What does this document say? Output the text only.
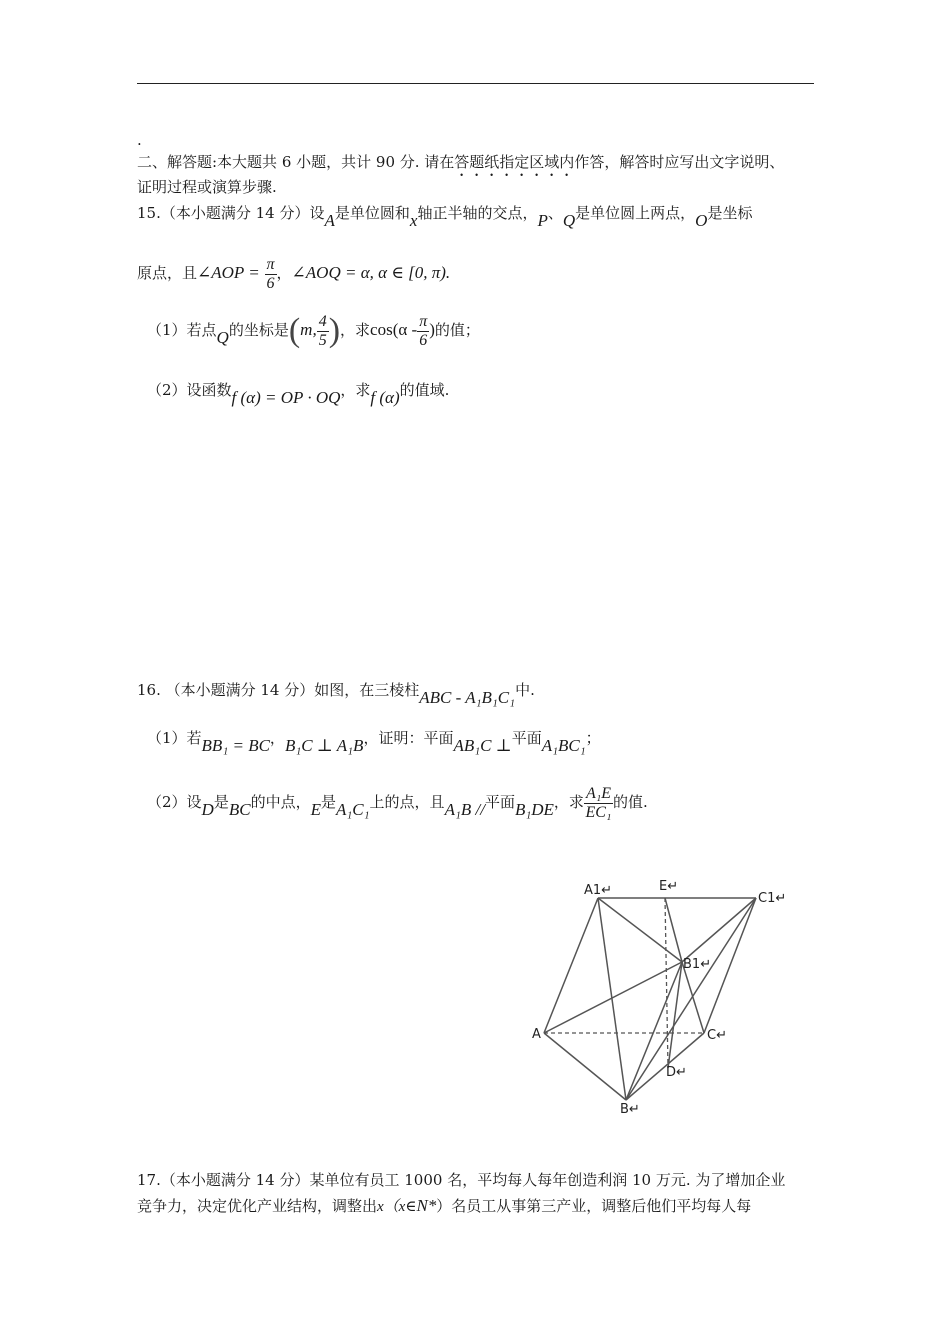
.
二、解答题:本大题共 6 小题，共计 90 分. 请在答题纸指定区域内作答，解答时应写出文字说明、
证明过程或演算步骤.
15.（本小题满分 14 分）设A是单位圆和x轴正半轴的交点，P、Q是单位圆上两点，O是坐标
原点，且∠AOP = $\frac{\pi}{6}$ ，∠AOQ = α, α ∈ [0, π).
（1）若点Q的坐标是(m, $\frac{4}{5}$ )，求$\cos(\alpha - \frac{\pi}{6}$ )的值；
（2）设函数f (α) = OP · OQ，求f (α)的值域.
16. （本小题满分 14 分）如图，在三棱柱ABC - A₁B₁C₁中.
（1）若BB₁ = BC，B₁C ⊥ A₁B，证明：平面AB₁C ⊥平面A₁BC₁；
（2）设D是BC的中点，E是A₁C₁上的点，且A₁B //平面B₁DE，求 $\frac{\text{A₁E}}{\text{EC₁}}$ 的值.
A1↵	E↵
C1↵
B1↵
A	C↵
D↵
B↵
17.（本小题满分 14 分）某单位有员工 1000 名，平均每人每年创造利润 10 万元. 为了增加企业
竞争力，决定优化产业结构，调整出x（x∈N*）名员工从事第三产业，调整后他们平均每人每
